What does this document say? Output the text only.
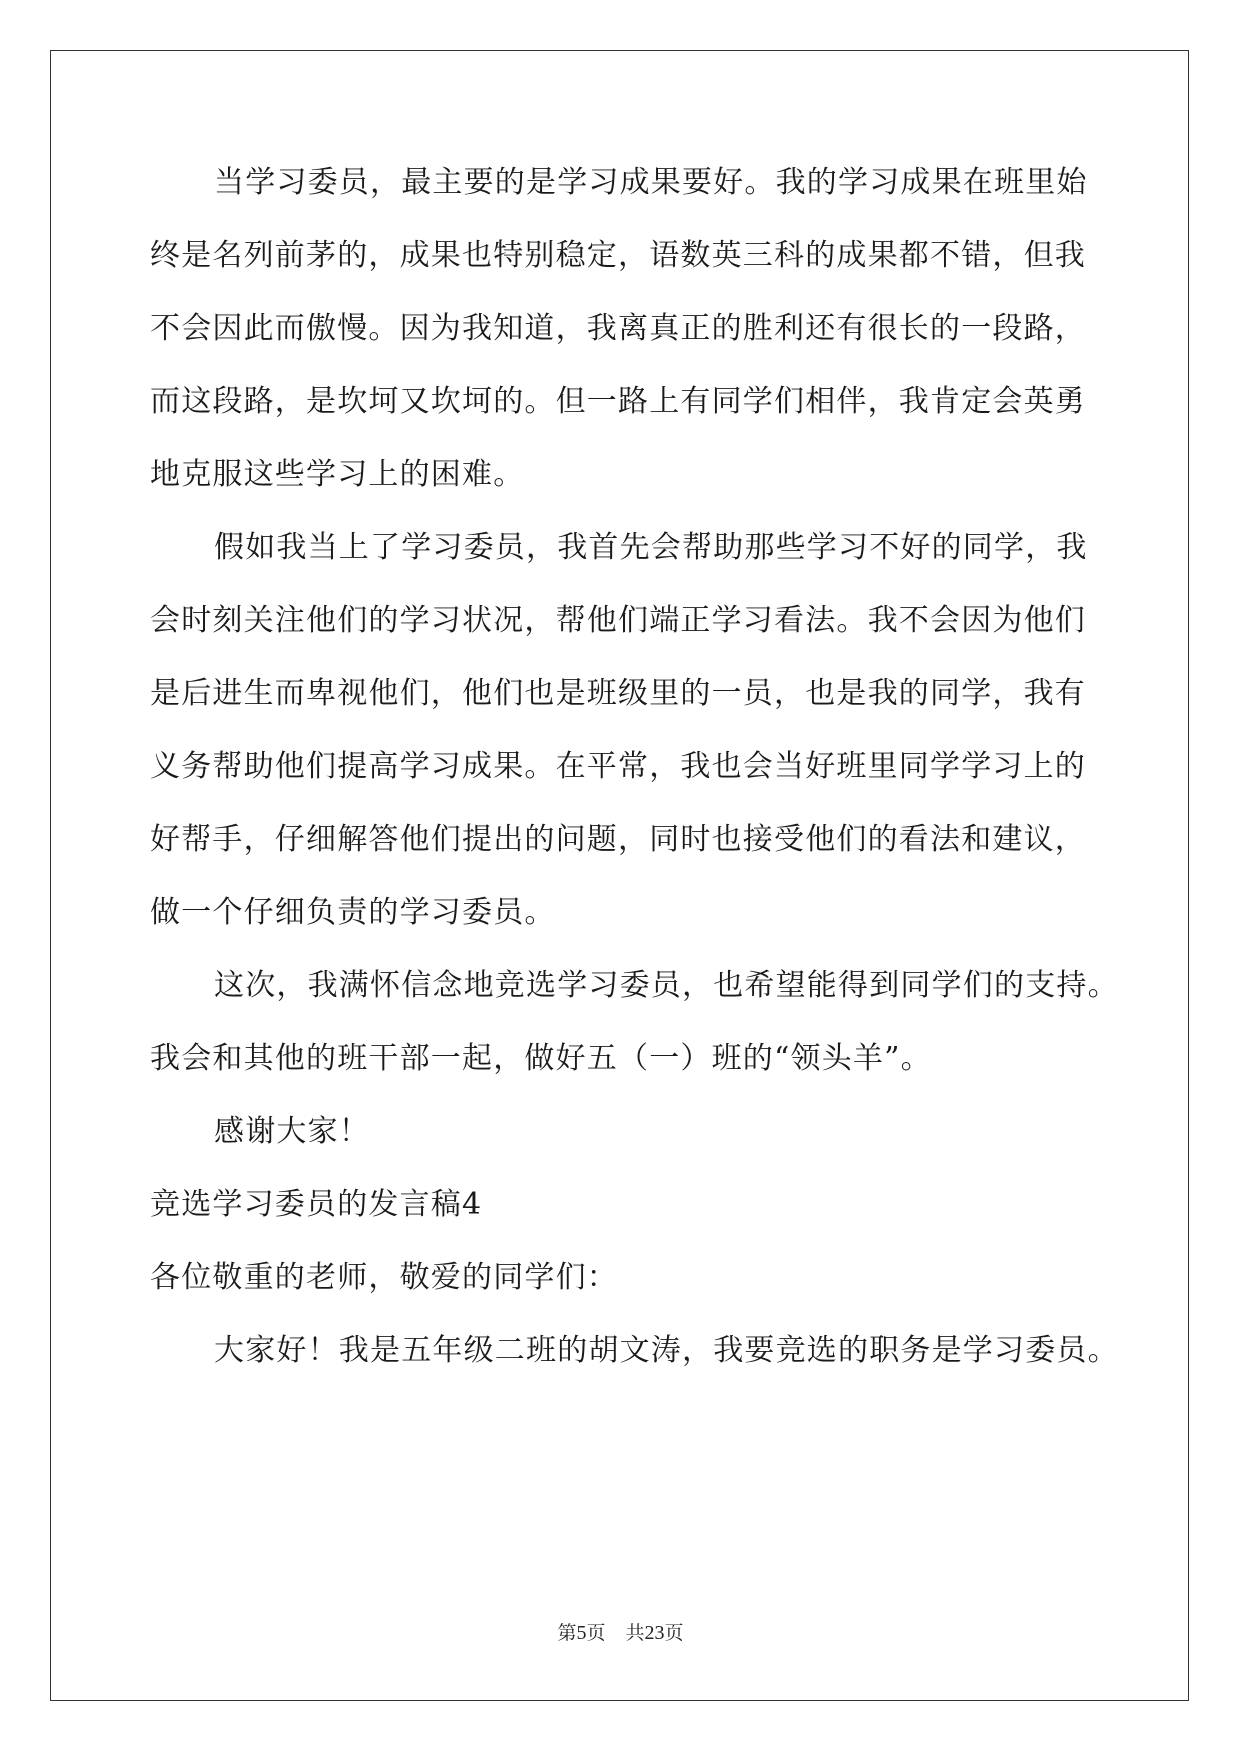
当学习委员，最主要的是学习成果要好。我的学习成果在班里始
终是名列前茅的，成果也特别稳定，语数英三科的成果都不错，但我
不会因此而傲慢。因为我知道，我离真正的胜利还有很长的一段路，
而这段路，是坎坷又坎坷的。但一路上有同学们相伴，我肯定会英勇
地克服这些学习上的困难。
假如我当上了学习委员，我首先会帮助那些学习不好的同学，我
会时刻关注他们的学习状况，帮他们端正学习看法。我不会因为他们
是后进生而卑视他们，他们也是班级里的一员，也是我的同学，我有
义务帮助他们提高学习成果。在平常，我也会当好班里同学学习上的
好帮手，仔细解答他们提出的问题，同时也接受他们的看法和建议，
做一个仔细负责的学习委员。
这次，我满怀信念地竞选学习委员，也希望能得到同学们的支持。
我会和其他的班干部一起，做好五（一）班的“领头羊”。
感谢大家！
竞选学习委员的发言稿4
各位敬重的老师，敬爱的同学们：
大家好！我是五年级二班的胡文涛，我要竞选的职务是学习委员。
第5页 共23页
